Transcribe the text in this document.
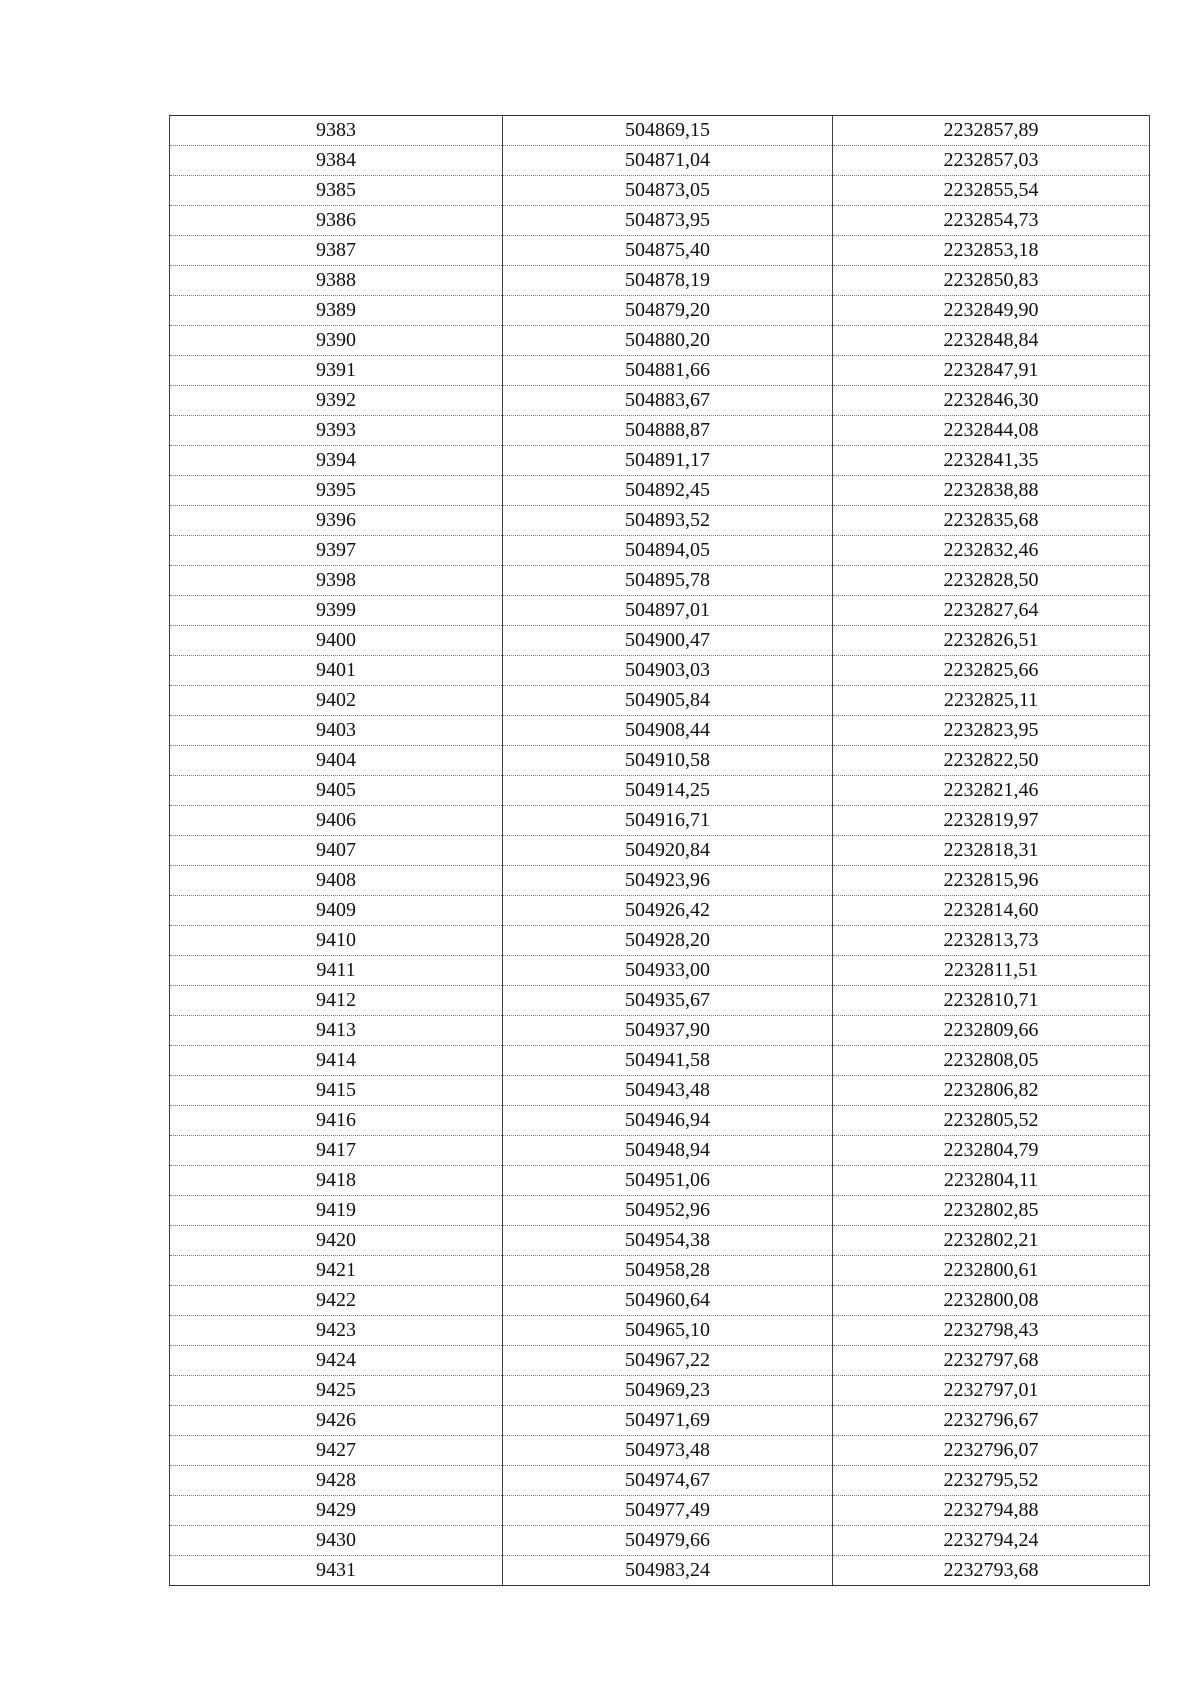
9383	504869,15	2232857,89
9384	504871,04	2232857,03
9385	504873,05	2232855,54
9386	504873,95	2232854,73
9387	504875,40	2232853,18
9388	504878,19	2232850,83
9389	504879,20	2232849,90
9390	504880,20	2232848,84
9391	504881,66	2232847,91
9392	504883,67	2232846,30
9393	504888,87	2232844,08
9394	504891,17	2232841,35
9395	504892,45	2232838,88
9396	504893,52	2232835,68
9397	504894,05	2232832,46
9398	504895,78	2232828,50
9399	504897,01	2232827,64
9400	504900,47	2232826,51
9401	504903,03	2232825,66
9402	504905,84	2232825,11
9403	504908,44	2232823,95
9404	504910,58	2232822,50
9405	504914,25	2232821,46
9406	504916,71	2232819,97
9407	504920,84	2232818,31
9408	504923,96	2232815,96
9409	504926,42	2232814,60
9410	504928,20	2232813,73
9411	504933,00	2232811,51
9412	504935,67	2232810,71
9413	504937,90	2232809,66
9414	504941,58	2232808,05
9415	504943,48	2232806,82
9416	504946,94	2232805,52
9417	504948,94	2232804,79
9418	504951,06	2232804,11
9419	504952,96	2232802,85
9420	504954,38	2232802,21
9421	504958,28	2232800,61
9422	504960,64	2232800,08
9423	504965,10	2232798,43
9424	504967,22	2232797,68
9425	504969,23	2232797,01
9426	504971,69	2232796,67
9427	504973,48	2232796,07
9428	504974,67	2232795,52
9429	504977,49	2232794,88
9430	504979,66	2232794,24
9431	504983,24	2232793,68
